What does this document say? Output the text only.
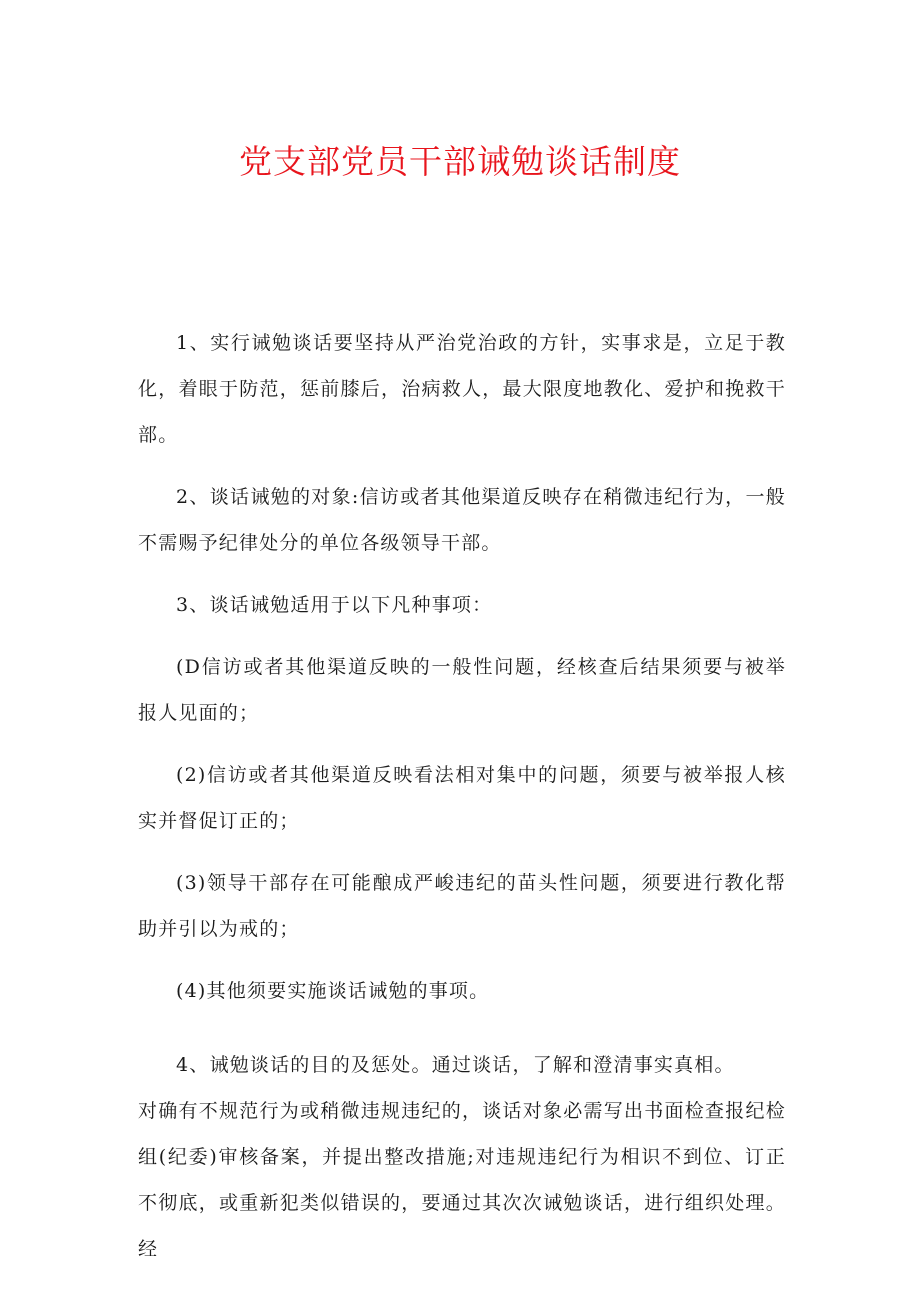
党支部党员干部诫勉谈话制度

1、实行诫勉谈话要坚持从严治党治政的方针，实事求是，立足于教化，着眼于防范，惩前膝后，治病救人，最大限度地教化、爱护和挽救干部。

2、谈话诫勉的对象:信访或者其他渠道反映存在稍微违纪行为，一般不需赐予纪律处分的单位各级领导干部。

3、谈话诫勉适用于以下凡种事项：

(D信访或者其他渠道反映的一般性问题，经核查后结果须要与被举报人见面的；

(2)信访或者其他渠道反映看法相对集中的问题，须要与被举报人核实并督促订正的；

(3)领导干部存在可能酿成严峻违纪的苗头性问题，须要进行教化帮助并引以为戒的；

(4)其他须要实施谈话诫勉的事项。

4、诫勉谈话的目的及惩处。通过谈话，了解和澄清事实真相。

对确有不规范行为或稍微违规违纪的，谈话对象必需写出书面检查报纪检组(纪委)审核备案，并提出整改措施;对违规违纪行为相识不到位、订正不彻底，或重新犯类似错误的，要通过其次次诫勉谈话，进行组织处理。经
